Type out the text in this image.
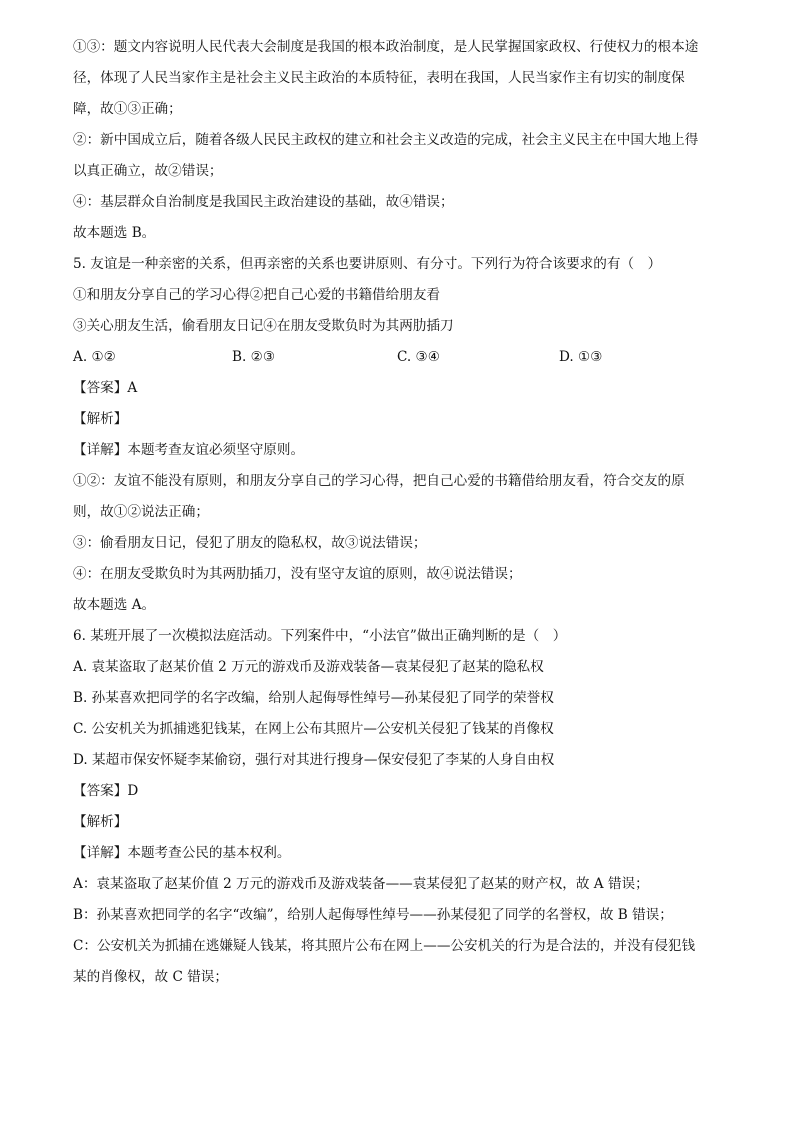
①③：题文内容说明人民代表大会制度是我国的根本政治制度，是人民掌握国家政权、行使权力的根本途
径，体现了人民当家作主是社会主义民主政治的本质特征，表明在我国，人民当家作主有切实的制度保
障，故①③正确；
②：新中国成立后，随着各级人民民主政权的建立和社会主义改造的完成，社会主义民主在中国大地上得
以真正确立，故②错误；
④：基层群众自治制度是我国民主政治建设的基础，故④错误；
故本题选 B。
5. 友谊是一种亲密的关系，但再亲密的关系也要讲原则、有分寸。下列行为符合该要求的有（　）
①和朋友分享自己的学习心得②把自己心爱的书籍借给朋友看
③关心朋友生活，偷看朋友日记④在朋友受欺负时为其两肋插刀
A. ①②	B. ②③	C. ③④	D. ①③
【答案】A
【解析】
【详解】本题考查友谊必须坚守原则。
①②：友谊不能没有原则，和朋友分享自己的学习心得，把自己心爱的书籍借给朋友看，符合交友的原
则，故①②说法正确；
③：偷看朋友日记，侵犯了朋友的隐私权，故③说法错误；
④：在朋友受欺负时为其两肋插刀，没有坚守友谊的原则，故④说法错误；
故本题选 A。
6. 某班开展了一次模拟法庭活动。下列案件中，“小法官”做出正确判断的是（　）
A. 袁某盗取了赵某价值 2 万元的游戏币及游戏装备—袁某侵犯了赵某的隐私权
B. 孙某喜欢把同学的名字改编，给别人起侮辱性绰号—孙某侵犯了同学的荣誉权
C. 公安机关为抓捕逃犯钱某，在网上公布其照片—公安机关侵犯了钱某的肖像权
D. 某超市保安怀疑李某偷窃，强行对其进行搜身—保安侵犯了李某的人身自由权
【答案】D
【解析】
【详解】本题考查公民的基本权利。
A：袁某盗取了赵某价值 2 万元的游戏币及游戏装备——袁某侵犯了赵某的财产权，故 A 错误；
B：孙某喜欢把同学的名字“改编”，给别人起侮辱性绰号——孙某侵犯了同学的名誉权，故 B 错误；
C：公安机关为抓捕在逃嫌疑人钱某，将其照片公布在网上——公安机关的行为是合法的，并没有侵犯钱
某的肖像权，故 C 错误；
